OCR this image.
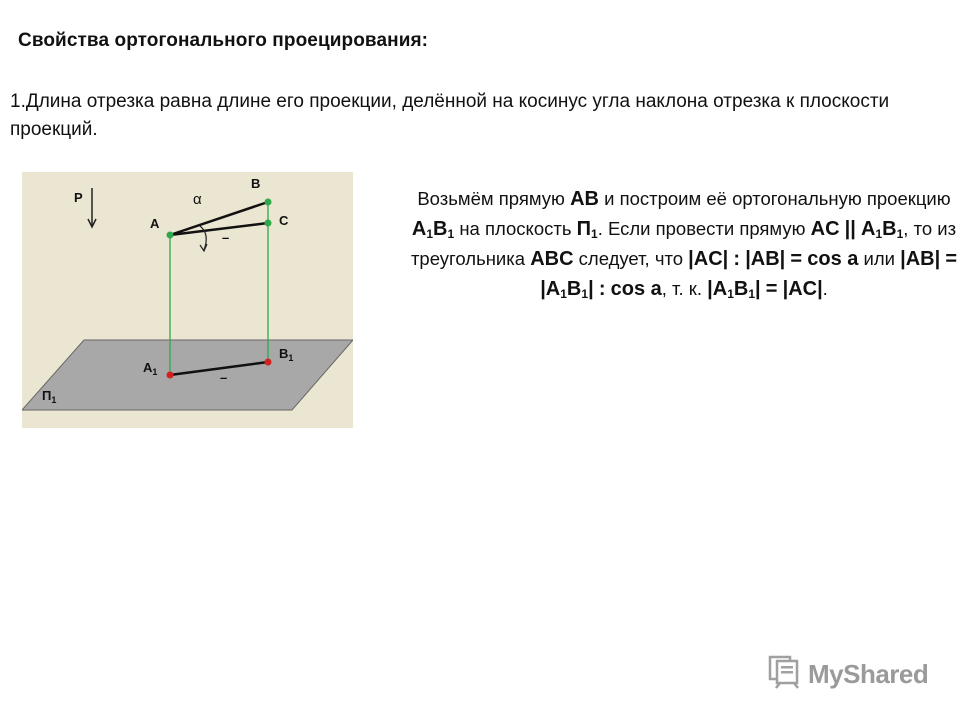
Свойства ортогонального проецирования:
1.Длина отрезка равна длине его проекции, делённой на косинус угла наклона отрезка к плоскости проекций.
P	α
B
A	C
–
–
$A_1$
$B_1$
$П_1$
Возьмём прямую AB и построим её ортогональную проекцию $A_1B_1$ на плоскость $П_1$. Если провести прямую AC || $A_1B_1$, то из треугольника ABC следует, что |AC| : |AB| = cos a или $|AB| = |A_1B_1|$ : cos a, т. к. $|A_1B_1| = |AC|$.
MyShared
